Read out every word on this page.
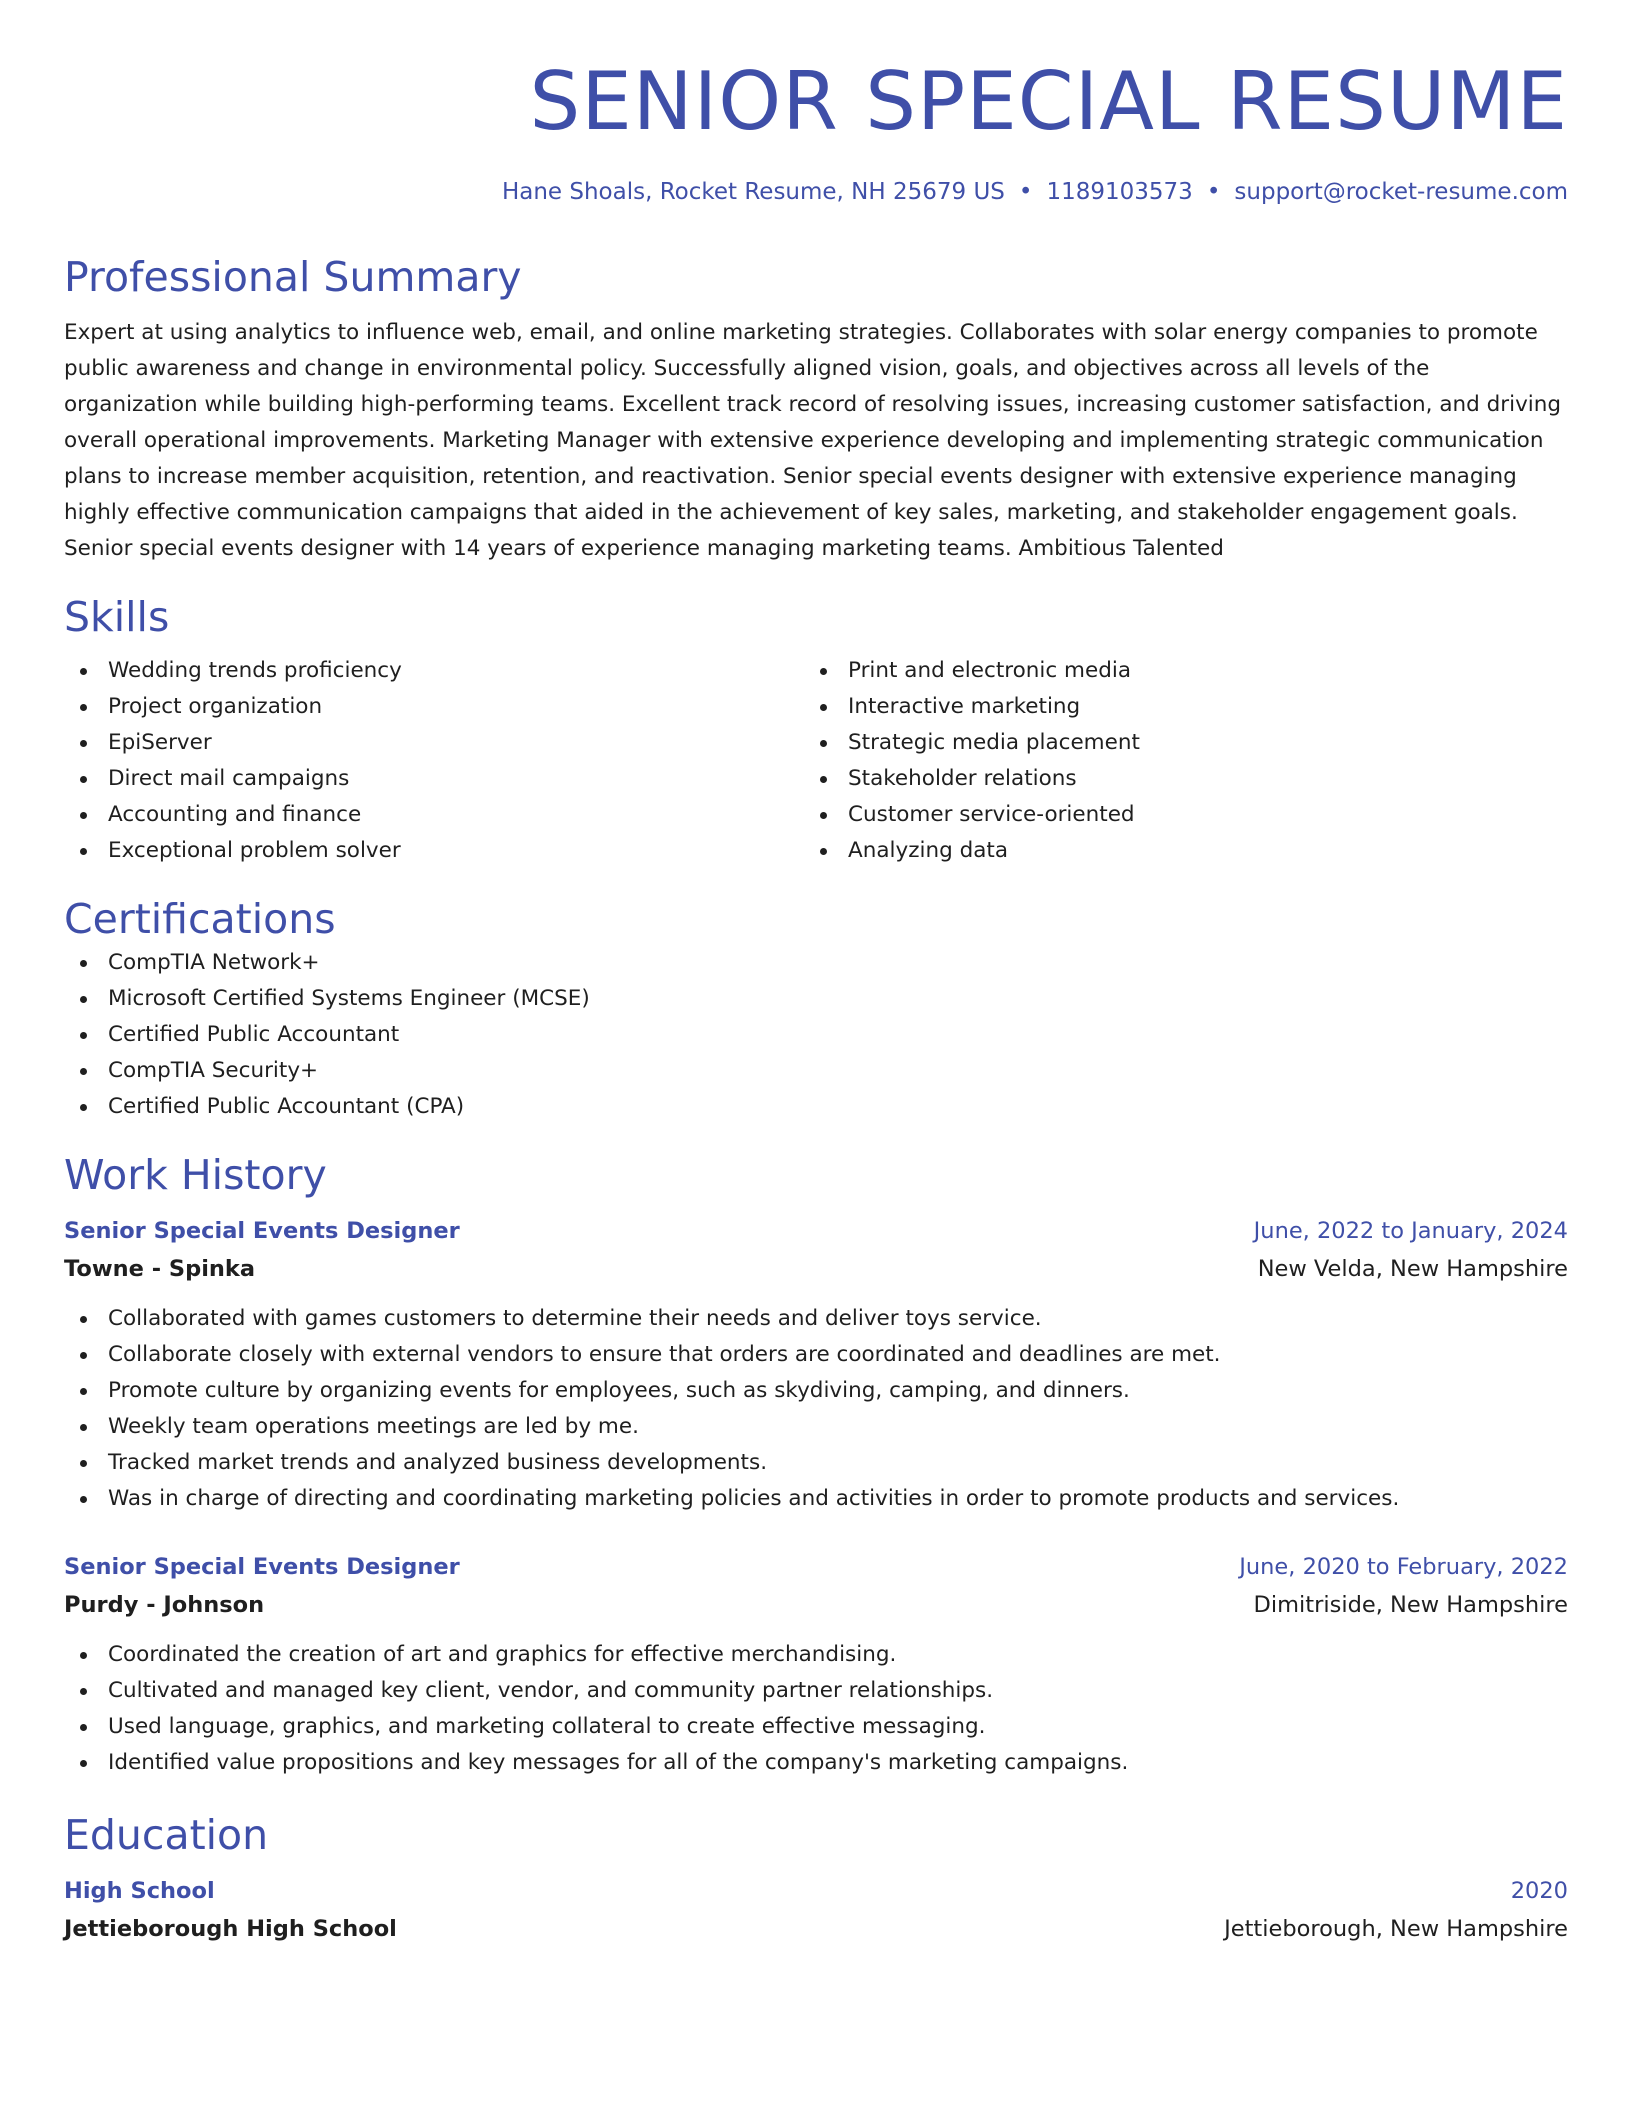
SENIOR SPECIAL RESUME
Hane Shoals, Rocket Resume, NH 25679 US • 1189103573 • support@rocket-resume.com
Professional Summary
Expert at using analytics to influence web, email, and online marketing strategies. Collaborates with solar energy companies to promote public awareness and change in environmental policy. Successfully aligned vision, goals, and objectives across all levels of the organization while building high-performing teams. Excellent track record of resolving issues, increasing customer satisfaction, and driving overall operational improvements. Marketing Manager with extensive experience developing and implementing strategic communication plans to increase member acquisition, retention, and reactivation. Senior special events designer with extensive experience managing highly effective communication campaigns that aided in the achievement of key sales, marketing, and stakeholder engagement goals. Senior special events designer with 14 years of experience managing marketing teams. Ambitious Talented
Skills
Wedding trends proficiency
Project organization
EpiServer
Direct mail campaigns
Accounting and finance
Exceptional problem solver
Print and electronic media
Interactive marketing
Strategic media placement
Stakeholder relations
Customer service-oriented
Analyzing data
Certifications
CompTIA Network+
Microsoft Certified Systems Engineer (MCSE)
Certified Public Accountant
CompTIA Security+
Certified Public Accountant (CPA)
Work History
Senior Special Events Designer	June, 2022 to January, 2024
Towne - Spinka	New Velda, New Hampshire
Collaborated with games customers to determine their needs and deliver toys service.
Collaborate closely with external vendors to ensure that orders are coordinated and deadlines are met.
Promote culture by organizing events for employees, such as skydiving, camping, and dinners.
Weekly team operations meetings are led by me.
Tracked market trends and analyzed business developments.
Was in charge of directing and coordinating marketing policies and activities in order to promote products and services.
Senior Special Events Designer	June, 2020 to February, 2022
Purdy - Johnson	Dimitriside, New Hampshire
Coordinated the creation of art and graphics for effective merchandising.
Cultivated and managed key client, vendor, and community partner relationships.
Used language, graphics, and marketing collateral to create effective messaging.
Identified value propositions and key messages for all of the company's marketing campaigns.
Education
High School	2020
Jettieborough High School	Jettieborough, New Hampshire
